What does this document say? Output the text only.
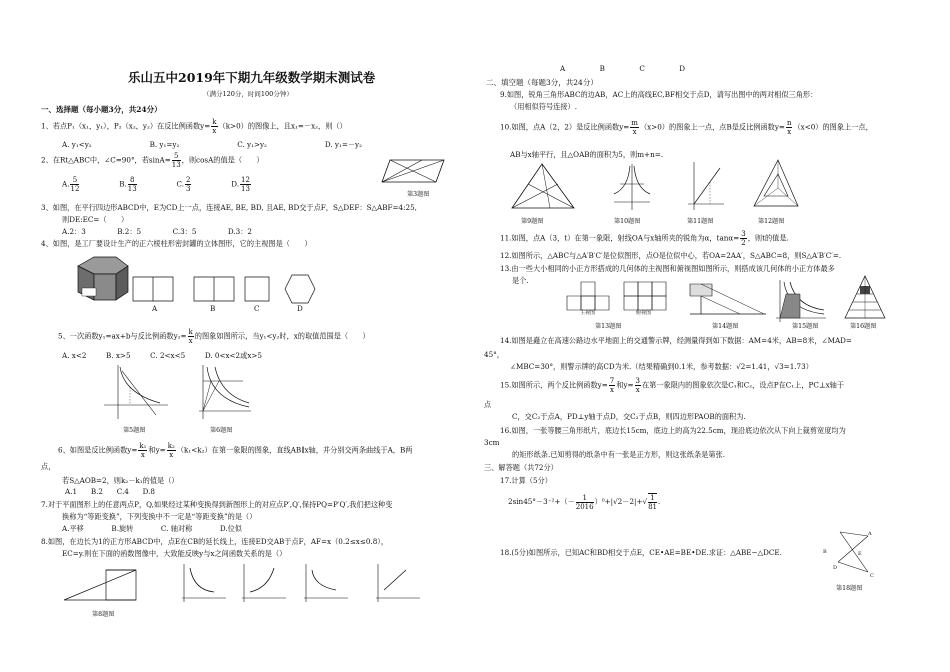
乐山五中2019年下期九年级数学期末测试卷
（满分120分，时间100分钟）
一、选择题（每小题3分，共24分）
1、若点P₁（x₁，y₁），P₂（x₂，y₂）在反比例函数$y= \frac{k}{x} (k>0)$的图像上，且x₁=－x₂，则（）
A. y₁<y₂	B. y₁=y₂	C. y₁>y₂	D. y₁=－y₂
2、在Rt△ABC中，∠C=90°，若$\sin A= \frac{5}{13}$ ，则cosA的值是（　　）
A. $\frac{5}{12}$	B. $\frac{8}{13}$	C. $\frac{2}{3}$	D. $\frac{12}{13}$
第3题图
3、如图，在平行四边形ABCD中，E为CD上一点，连接AE, BE, BD, 且AE, BD交于点F，S△DEF：S△ABF=4:25,
则DE:EC=（　　）
A.2：3	B.2：5	C.3：5	D.3：2
4、如图，是工厂要设计生产的正六棱柱形密封罐的立体图形，它的主视图是（　　）
A	B	C	D
5、一次函数y₁=ax+b与反比例函数$y_2= \frac{k}{x}$ 的图象如图所示，当y₁<y₂时，x的取值范围是（　　）
A. x<2	B. x>5	C. 2<x<5	D. 0<x<2或x>5
第5题图	第6题图
6、如图是反比例函数$y= \frac{\text{k₁}}{x}$ 和$y= \frac{\text{k₂}}{x} (k_1<k_2)$在第一象限的图象，直线AB∥x轴，并分别交两条曲线于A，B两
点，
若S△AOB=2，则k₂－k₁的值是（）
A.1 B.2 C.4 D.8
7.对于平面图形上的任意两点P，Q,如果经过某种变换得到新图形上的对应点P′,Q′,保持PQ=P′Q′,我们把这种变
换称为“等距变换”，下列变换中不一定是“等距变换”的是（）
A.平移	B.旋转	C. 轴对称	D.位似
8.如图，在边长为1的正方形ABCD中，点E在CB的延长线上，连接ED交AB于点F，AF=x（0.2≤x≤0.8），
EC=y.则在下面的函数图像中，大致能反映y与x之间函数关系的是（）
第8题图
A	B	C	D
二、填空题（每题3分，共24分）
9.如图，锐角三角形ABC的边AB，AC上的高线EC,BF相交于点D，请写出图中的两对相似三角形：
（用相似符号连接）.
10.如图，点A（2，2）是反比例函数$y= \frac{m}{x} (x>0)$的图象上一点，点B是反比例函数$y= \frac{n}{x} (x<0)$的图象上一点，
AB与x轴平行，且△OAB的面积为5，则m+n=.
第9题图	第10题图	第11题图	第12题图
11.如图，点A（3，t）在第一象限，射线OA与x轴所夹的锐角为α，$\tan\alpha= \frac{3}{2}$ ，则t的值是.
12.如图所示，△ABC与△A′B′C′是位似图形，点O是位似中心，若OA=2AA′，S△ABC=8，则S△A′B′C′=.
13.由一些大小相同的小正方形搭成的几何体的主视图和俯视图如图所示，则搭成该几何体的小正方体最多
是个.
主视图	俯视图
第13题图	第14题图	第15题图	第16题图
14.如图是矗立在高速公路边水平地面上的交通警示牌，经测量得到如下数据：AM=4米，AB=8米，∠MAD=
45°，
∠MBC=30°，则警示牌的高CD为米.（结果精确到0.1米，参考数据：√2=1.41，√3=1.73）
15.如图所示，两个反比例函数$y= \frac{7}{x}$ 和$y= \frac{3}{x}$ 在第一象限内的图象依次是C₁和C₂，设点P在C₁上，PC⊥x轴于
点
C，交C₂于点A，PD⊥y轴于点D，交C₂于点B，则四边形PAOB的面积为.
16.如图，一张等腰三角形纸片，底边长15cm，底边上的高为22.5cm，现沿底边依次从下向上裁剪宽度均为
3cm
的矩形纸条.已知剪得的纸条中有一张是正方形，则这张纸条是第张.
三、解答题（共72分）
17.计算（5分）
$2\sin 45^\circ-3^{-2}+(- \frac{1}{2016} )^0+|√2-2|+√ \frac{1}{81}$ .
18.(5分)如图所示，已知AC和BD相交于点E，CE•AE=BE•DE.求证：△ABE∽△DCE.
A
B	E
D
C
第18题图
